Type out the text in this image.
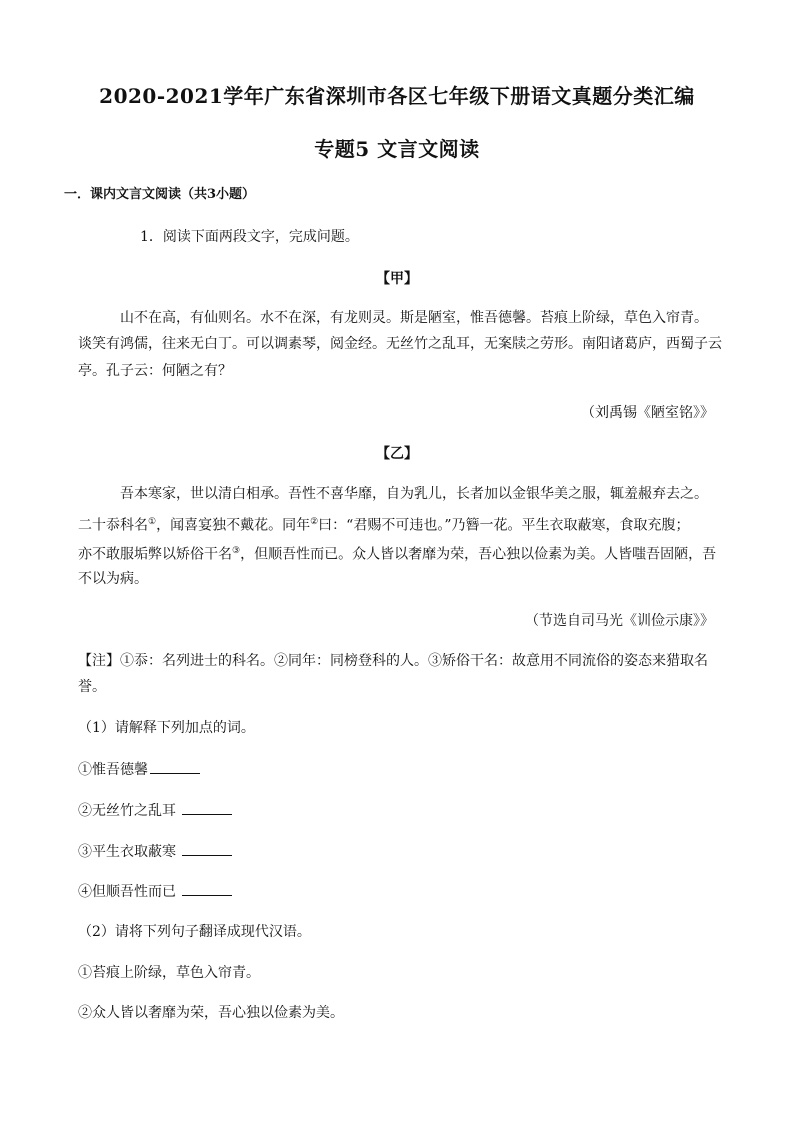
2020-2021学年广东省深圳市各区七年级下册语文真题分类汇编
专题5 文言文阅读
一．课内文言文阅读（共3小题）
1．阅读下面两段文字，完成问题。
【甲】
山不在高，有仙则名。水不在深，有龙则灵。斯是陋室，惟吾德馨。苔痕上阶绿，草色入帘青。
谈笑有鸿儒，往来无白丁。可以调素琴，阅金经。无丝竹之乱耳，无案牍之劳形。南阳诸葛庐，西蜀子云
亭。孔子云：何陋之有？
（刘禹锡《陋室铭》》
【乙】
吾本寒家，世以清白相承。吾性不喜华靡，自为乳儿，长者加以金银华美之服，辄羞赧弃去之。
二十忝科名①，闻喜宴独不戴花。同年②曰：“君赐不可违也。”乃簪一花。平生衣取蔽寒，食取充腹；
亦不敢服垢弊以矫俗干名③，但顺吾性而已。众人皆以奢靡为荣，吾心独以俭素为美。人皆嗤吾固陋，吾
不以为病。
（节选自司马光《训俭示康》》
【注】①忝：名列进士的科名。②同年：同榜登科的人。③矫俗干名：故意用不同流俗的姿态来猎取名
誉。
（1）请解释下列加点的词。
①惟吾德馨
②无丝竹之乱耳
③平生衣取蔽寒
④但顺吾性而已
（2）请将下列句子翻译成现代汉语。
①苔痕上阶绿，草色入帘青。
②众人皆以奢靡为荣，吾心独以俭素为美。
